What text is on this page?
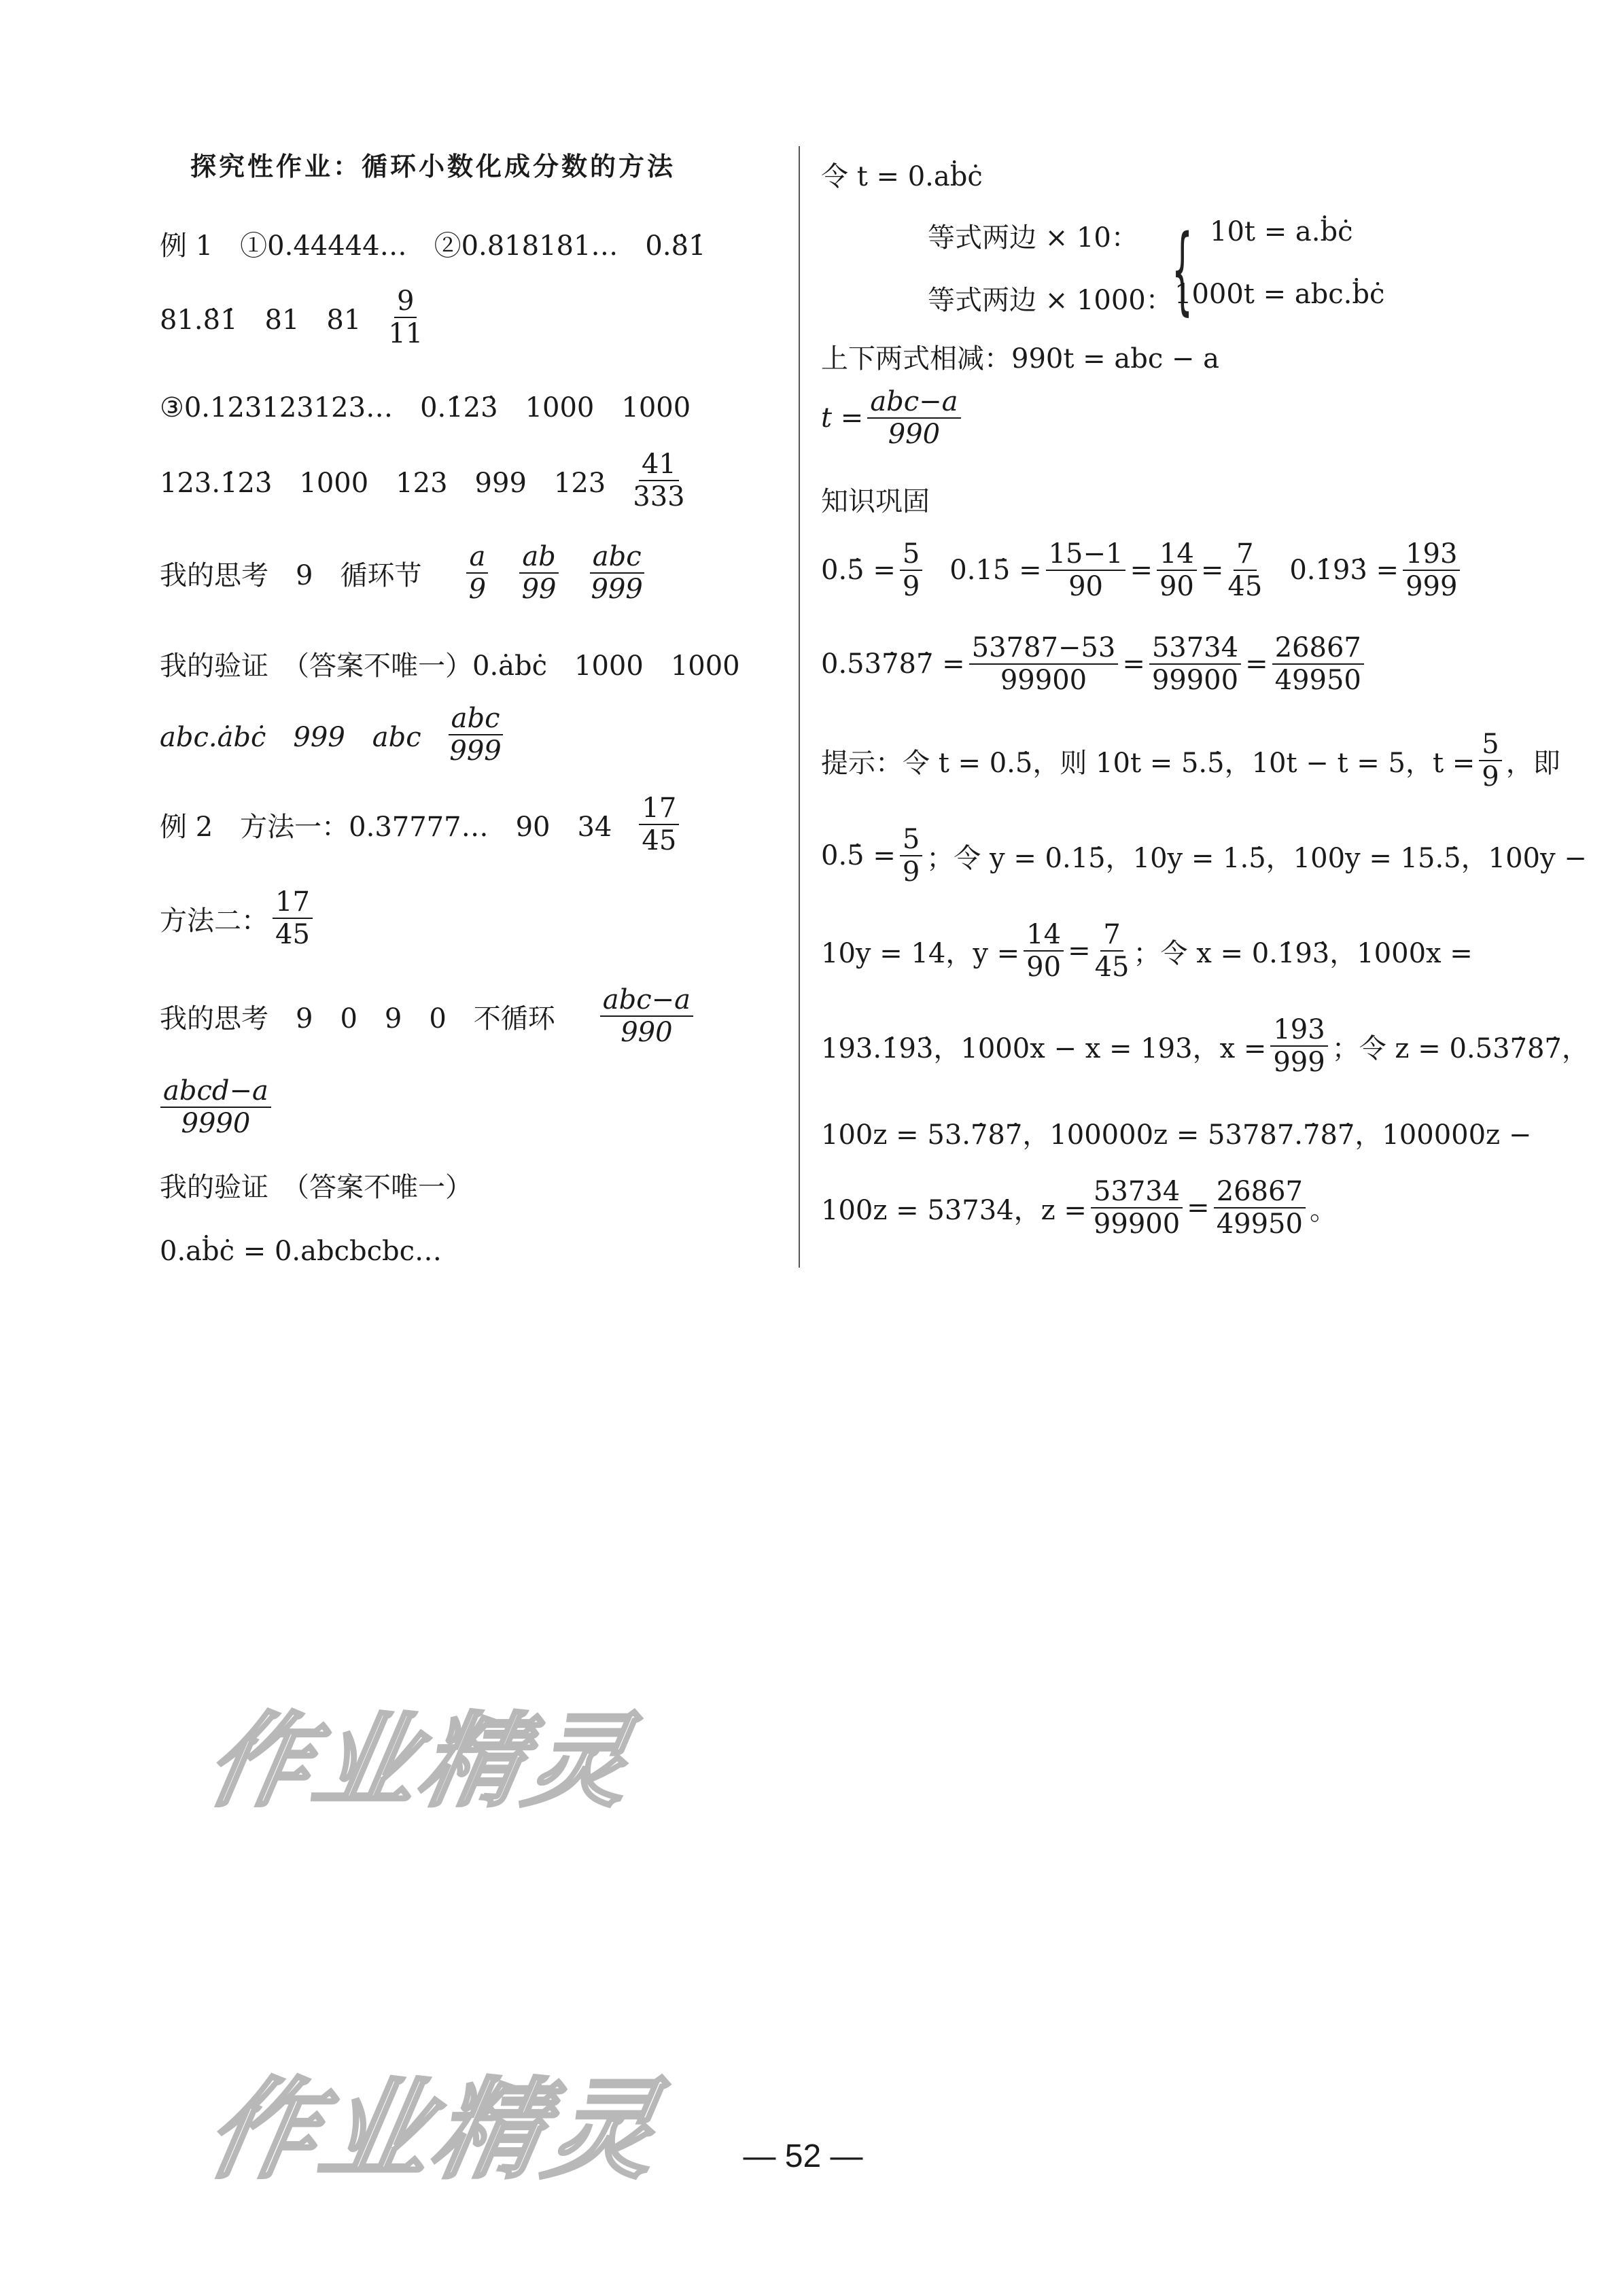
探究性作业：循环小数化成分数的方法
例 1　①0.44444…　②0.818181…　0.8̇1̇
81.8̇1̇　81　$81 \frac{9}{11}$
③0.123123123…　0.1̇23̇　1000　1000
123.1̇23̇　1000　123　999　$123 \frac{41}{333}$
我的思考　9　循环节 $\frac{a}{9} \frac{ab}{99} \frac{\text{abc}}{999}$
我的验证　（答案不唯一）0.ȧbċ　1000　1000
abc.ȧbċ　999　abc $\frac{\text{abc}}{999}$
例 2　方法一：0.37777…　90　$34 \frac{17}{45}$
方法二： $\frac{17}{45}$
我的思考　9　0　9　0　不循环 $\frac{\text{abc−a}}{990}$
$\frac{\text{abcd−a}}{9990}$
我的验证　（答案不唯一）
0.aḃċ = 0.abcbcbc…
令 t = 0.aḃċ
等式两边 × 10：	10t = a.ḃċ
{
等式两边 × 1000： 1000t = abc.ḃċ
上下两式相减：990t = abc − a
$t = \frac{\text{abc−a}}{990}$
知识巩固
0.5̇ = $\frac{5}{9}$ 0.15̇ = $\frac{15-1}{90} = \frac{14}{90} = \frac{7}{45}$ 0.1̇93̇ = $\frac{193}{999}$
0.537̇87̇ = $\frac{53787-53}{99900} = \frac{53734}{99900} = \frac{26867}{49950}$
提示：令 t = 0.5̇，则 10t = 5.5̇，10t − t = 5，$t = \frac{5}{9}$ ，即
0.5̇ = $\frac{5}{9}$ ；令 y = 0.15̇，10y = 1.5̇，100y = 15.5̇，100y −
10y = 14，$y = \frac{14}{90} = \frac{7}{45}$ ；令 x = 0.1̇93̇，1000x =
193.1̇93̇，1000x − x = 193，$x = \frac{193}{999}$ ；令 z = 0.537̇87̇，
100z = 53.7̇87̇，100000z = 53787.7̇87̇，100000z −
100z = 53734，$z = \frac{53734}{99900} = \frac{26867}{49950}$ 。
作业精灵
作业精灵	— 52 —
